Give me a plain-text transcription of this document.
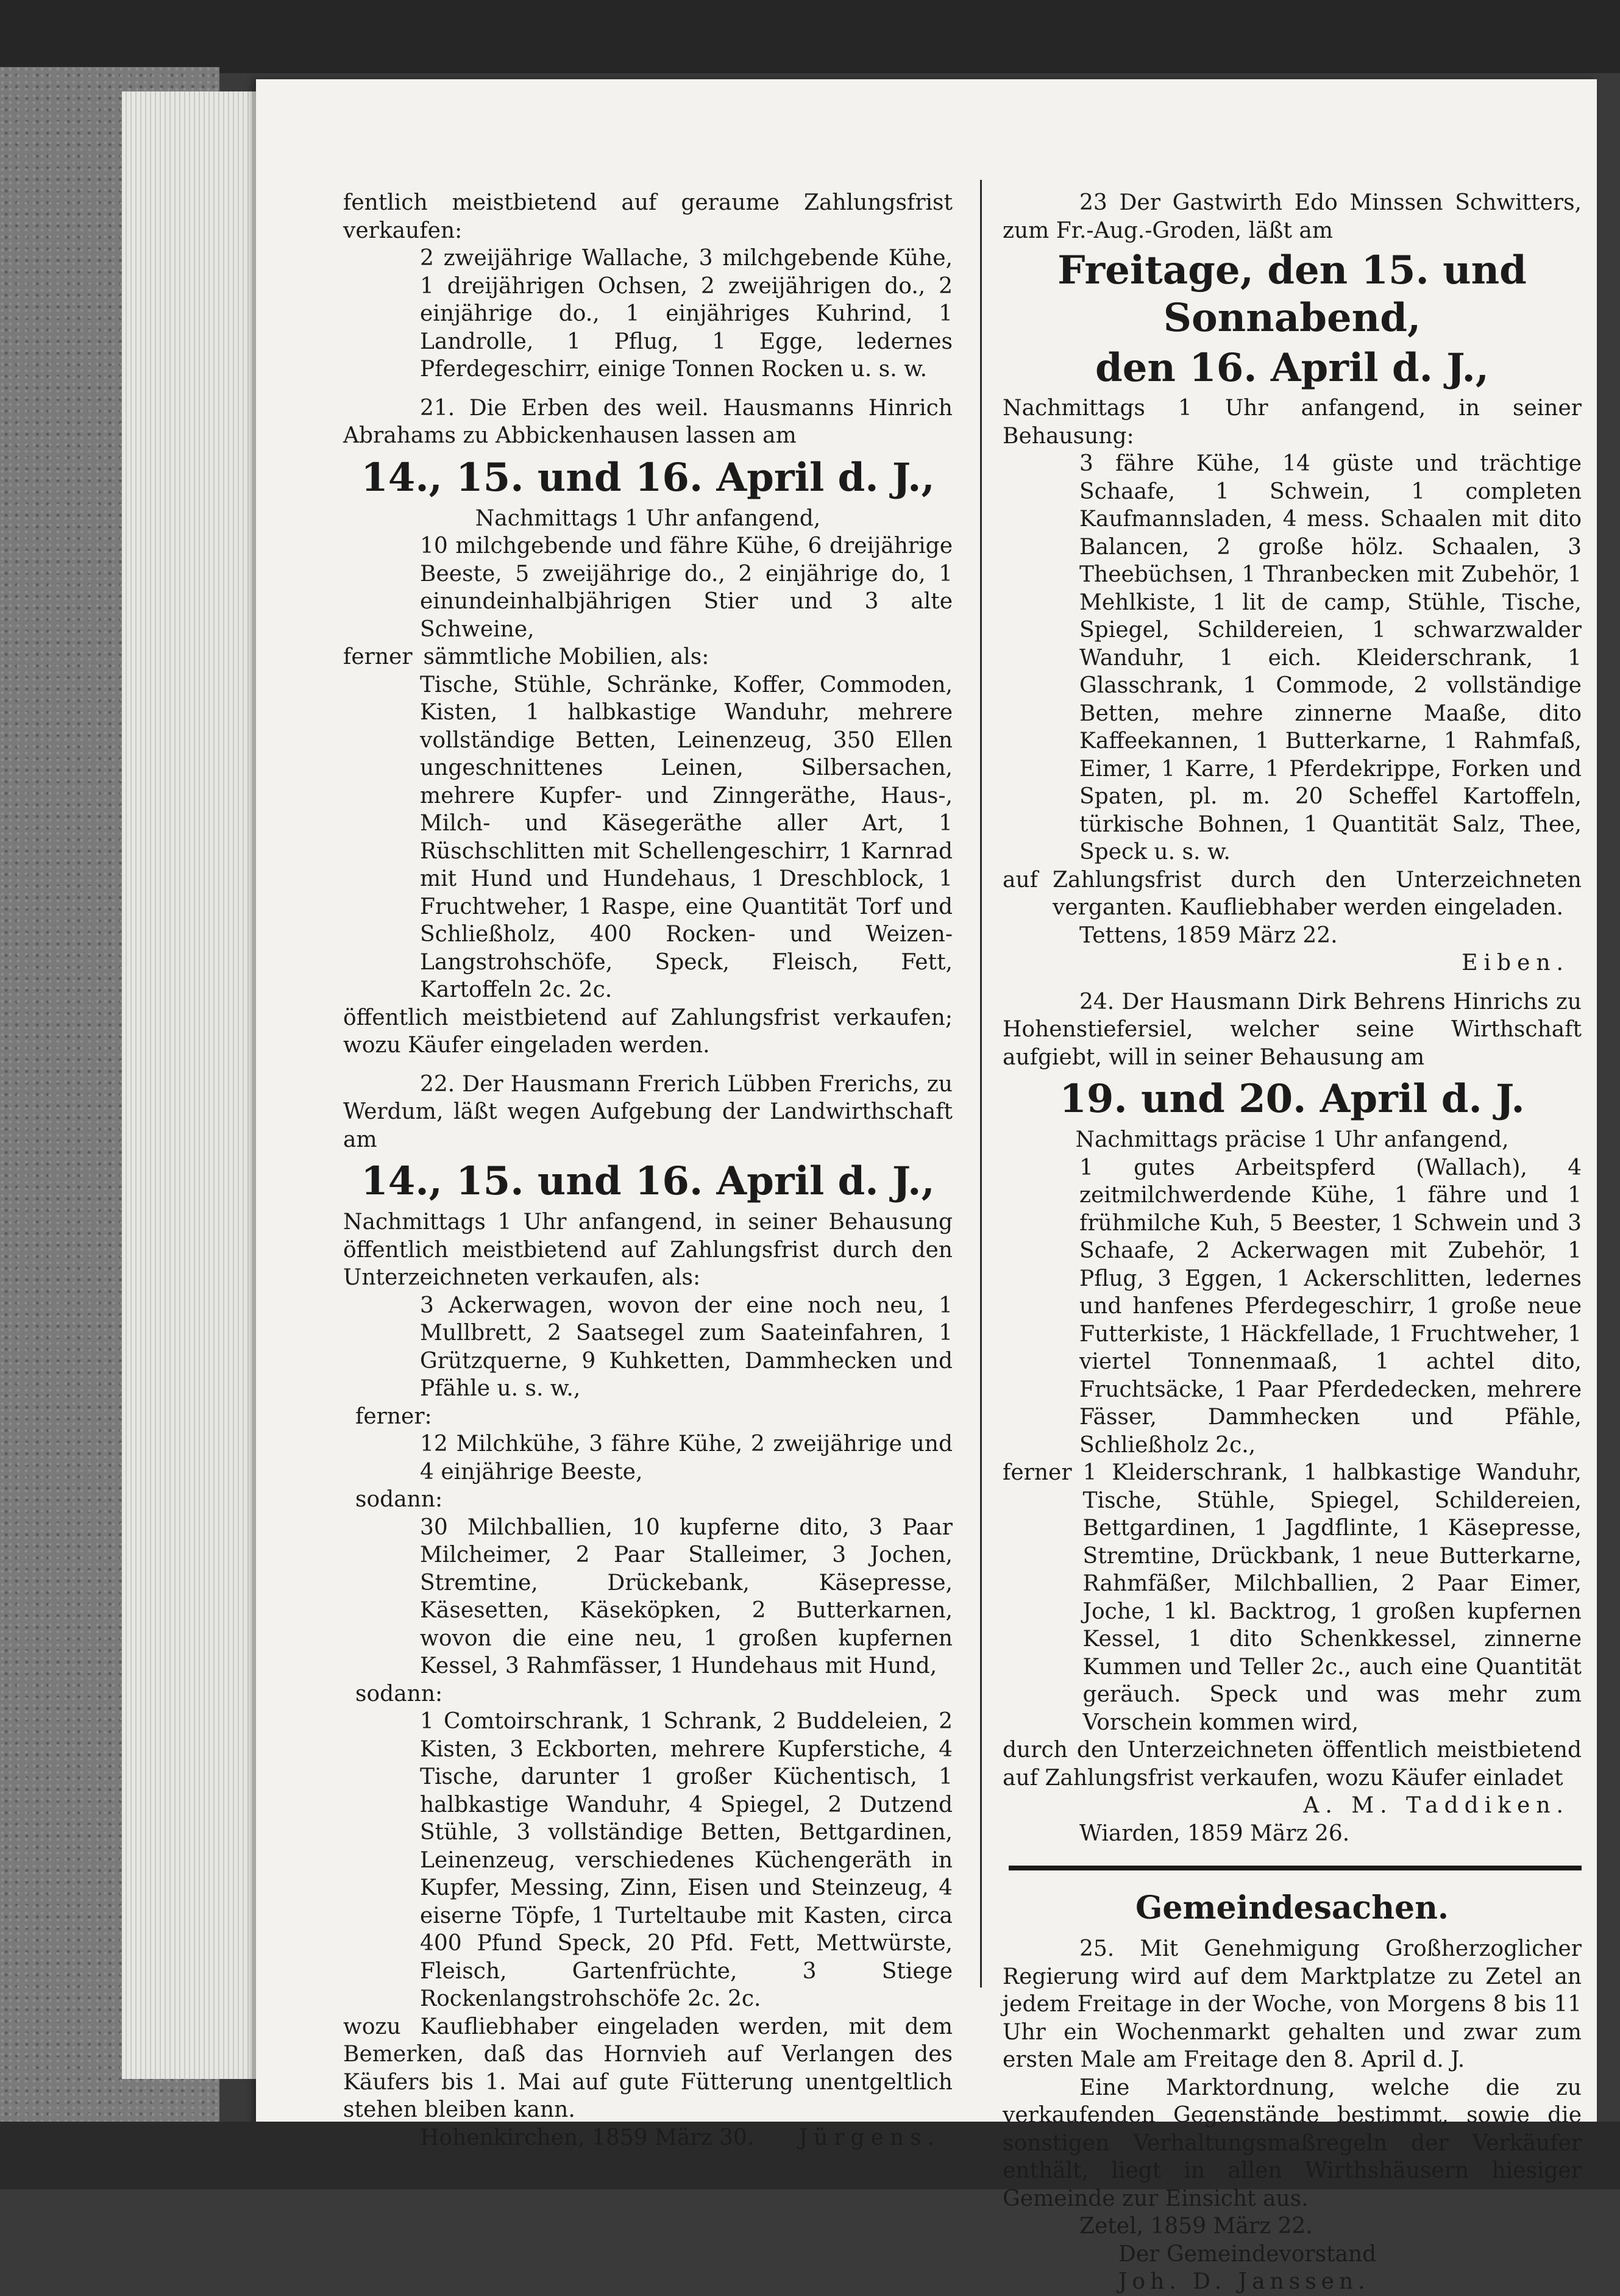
fentlich meistbietend auf geraume Zahlungsfrist verkaufen:

2 zweijährige Wallache, 3 milchgebende Kühe, 1 dreijährigen Ochsen, 2 zweijährigen do., 2 einjährige do., 1 einjähriges Kuhrind, 1 Landrolle, 1 Pflug, 1 Egge, ledernes Pferdegeschirr, einige Tonnen Rocken u. s. w.

21. Die Erben des weil. Hausmanns Hinrich Abrahams zu Abbickenhausen lassen am

14., 15. und 16. April d. J.,

Nachmittags 1 Uhr anfangend,

10 milchgebende und fähre Kühe, 6 dreijährige Beeste, 5 zweijährige do., 2 einjährige do, 1 einundeinhalbjährigen Stier und 3 alte Schweine,

ferner sämmtliche Mobilien, als:

Tische, Stühle, Schränke, Koffer, Commoden, Kisten, 1 halbkastige Wanduhr, mehrere vollständige Betten, Leinenzeug, 350 Ellen ungeschnittenes Leinen, Silbersachen, mehrere Kupfer- und Zinngeräthe, Haus-, Milch- und Käsegeräthe aller Art, 1 Rüschschlitten mit Schellengeschirr, 1 Karnrad mit Hund und Hundehaus, 1 Dreschblock, 1 Fruchtweher, 1 Raspe, eine Quantität Torf und Schließholz, 400 Rocken- und Weizen-Langstrohschöfe, Speck, Fleisch, Fett, Kartoffeln 2c. 2c.

öffentlich meistbietend auf Zahlungsfrist verkaufen; wozu Käufer eingeladen werden.

22. Der Hausmann Frerich Lübben Frerichs, zu Werdum, läßt wegen Aufgebung der Landwirthschaft am

14., 15. und 16. April d. J.,

Nachmittags 1 Uhr anfangend, in seiner Behausung öffentlich meistbietend auf Zahlungsfrist durch den Unterzeichneten verkaufen, als:

3 Ackerwagen, wovon der eine noch neu, 1 Mullbrett, 2 Saatsegel zum Saateinfahren, 1 Grützquerne, 9 Kuhketten, Dammhecken und Pfähle u. s. w.,

ferner:

12 Milchkühe, 3 fähre Kühe, 2 zweijährige und 4 einjährige Beeste,

sodann:

30 Milchballien, 10 kupferne dito, 3 Paar Milcheimer, 2 Paar Stalleimer, 3 Jochen, Stremtine, Drückebank, Käsepresse, Käsesetten, Käseköpken, 2 Butterkarnen, wovon die eine neu, 1 großen kupfernen Kessel, 3 Rahmfässer, 1 Hundehaus mit Hund,

sodann:

1 Comtoirschrank, 1 Schrank, 2 Buddeleien, 2 Kisten, 3 Eckborten, mehrere Kupferstiche, 4 Tische, darunter 1 großer Küchentisch, 1 halbkastige Wanduhr, 4 Spiegel, 2 Dutzend Stühle, 3 vollständige Betten, Bettgardinen, Leinenzeug, verschiedenes Küchengeräth in Kupfer, Messing, Zinn, Eisen und Steinzeug, 4 eiserne Töpfe, 1 Turteltaube mit Kasten, circa 400 Pfund Speck, 20 Pfd. Fett, Mettwürste, Fleisch, Gartenfrüchte, 3 Stiege Rockenlangstrohschöfe 2c. 2c.

wozu Kaufliebhaber eingeladen werden, mit dem Bemerken, daß das Hornvieh auf Verlangen des Käufers bis 1. Mai auf gute Fütterung unentgeltlich stehen bleiben kann.

Hohenkirchen, 1859 März 30. Jürgens.

23 Der Gastwirth Edo Minssen Schwitters, zum Fr.-Aug.-Groden, läßt am

Freitage, den 15. und Sonnabend,
den 16. April d. J.,

Nachmittags 1 Uhr anfangend, in seiner Behausung:

3 fähre Kühe, 14 güste und trächtige Schaafe, 1 Schwein, 1 completen Kaufmannsladen, 4 mess. Schaalen mit dito Balancen, 2 große hölz. Schaalen, 3 Theebüchsen, 1 Thranbecken mit Zubehör, 1 Mehlkiste, 1 lit de camp, Stühle, Tische, Spiegel, Schildereien, 1 schwarzwalder Wanduhr, 1 eich. Kleiderschrank, 1 Glasschrank, 1 Commode, 2 vollständige Betten, mehre zinnerne Maaße, dito Kaffeekannen, 1 Butterkarne, 1 Rahmfaß, Eimer, 1 Karre, 1 Pferdekrippe, Forken und Spaten, pl. m. 20 Scheffel Kartoffeln, türkische Bohnen, 1 Quantität Salz, Thee, Speck u. s. w.

auf Zahlungsfrist durch den Unterzeichneten verganten. Kaufliebhaber werden eingeladen.

Tettens, 1859 März 22.

Eiben.

24. Der Hausmann Dirk Behrens Hinrichs zu Hohenstiefersiel, welcher seine Wirthschaft aufgiebt, will in seiner Behausung am

19. und 20. April d. J.

Nachmittags präcise 1 Uhr anfangend,

1 gutes Arbeitspferd (Wallach), 4 zeitmilchwerdende Kühe, 1 fähre und 1 frühmilche Kuh, 5 Beester, 1 Schwein und 3 Schaafe, 2 Ackerwagen mit Zubehör, 1 Pflug, 3 Eggen, 1 Ackerschlitten, ledernes und hanfenes Pferdegeschirr, 1 große neue Futterkiste, 1 Häckfellade, 1 Fruchtweher, 1 viertel Tonnenmaaß, 1 achtel dito, Fruchtsäcke, 1 Paar Pferdedecken, mehrere Fässer, Dammhecken und Pfähle, Schließholz 2c.,

ferner 1 Kleiderschrank, 1 halbkastige Wanduhr, Tische, Stühle, Spiegel, Schildereien, Bettgardinen, 1 Jagdflinte, 1 Käsepresse, Stremtine, Drückbank, 1 neue Butterkarne, Rahmfäßer, Milchballien, 2 Paar Eimer, Joche, 1 kl. Backtrog, 1 großen kupfernen Kessel, 1 dito Schenkkessel, zinnerne Kummen und Teller 2c., auch eine Quantität geräuch. Speck und was mehr zum Vorschein kommen wird,

durch den Unterzeichneten öffentlich meistbietend auf Zahlungsfrist verkaufen, wozu Käufer einladet

A. M. Taddiken.

Wiarden, 1859 März 26.

Gemeindesachen.

25. Mit Genehmigung Großherzoglicher Regierung wird auf dem Marktplatze zu Zetel an jedem Freitage in der Woche, von Morgens 8 bis 11 Uhr ein Wochenmarkt gehalten und zwar zum ersten Male am Freitage den 8. April d. J.

Eine Marktordnung, welche die zu verkaufenden Gegenstände bestimmt, sowie die sonstigen Verhaltungsmaßregeln der Verkäufer enthält, liegt in allen Wirthshäusern hiesiger Gemeinde zur Einsicht aus.

Zetel, 1859 März 22.

Der Gemeindevorstand

Joh. D. Janssen.
